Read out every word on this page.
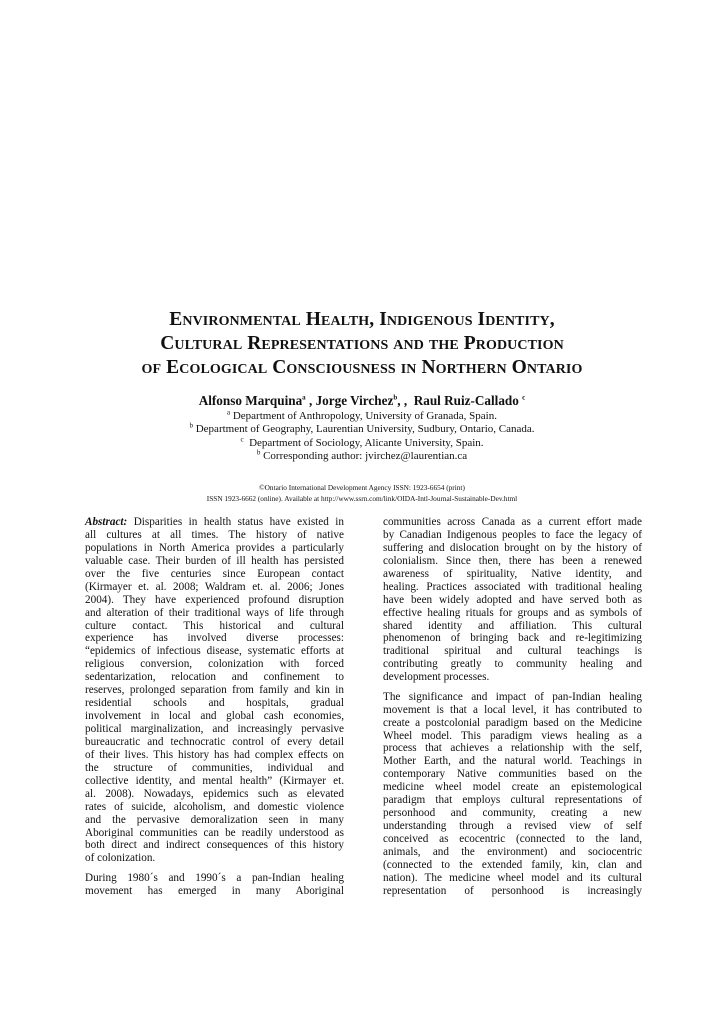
Environmental Health, Indigenous Identity,
Cultural Representations and the Production
of Ecological Consciousness in Northern Ontario
Alfonso Marquina$^a$ , Jorge Virchez$^b$, ,  Raul Ruiz-Callado $^c$
$^a$ Department of Anthropology, University of Granada, Spain.
$^b$ Department of Geography, Laurentian University, Sudbury, Ontario, Canada.
$^c$  Department of Sociology, Alicante University, Spain.
$^b$ Corresponding author: jvirchez@laurentian.ca
©Ontario International Development Agency ISSN: 1923-6654 (print)
ISSN 1923-6662 (online). Available at http://www.ssrn.com/link/OIDA-Intl-Journal-Sustainable-Dev.html

Abstract: Disparities in health status have existed in
all cultures at all times. The history of native
populations in North America provides a particularly
valuable case. Their burden of ill health has persisted
over the five centuries since European contact
(Kirmayer et. al. 2008; Waldram et. al. 2006; Jones
2004). They have experienced profound disruption
and alteration of their traditional ways of life through
culture contact. This historical and cultural
experience has involved diverse processes:
“epidemics of infectious disease, systematic efforts at
religious conversion, colonization with forced
sedentarization, relocation and confinement to
reserves, prolonged separation from family and kin in
residential schools and hospitals, gradual
involvement in local and global cash economies,
political marginalization, and increasingly pervasive
bureaucratic and technocratic control of every detail
of their lives. This history has had complex effects on
the structure of communities, individual and
collective identity, and mental health” (Kirmayer et.
al. 2008). Nowadays, epidemics such as elevated
rates of suicide, alcoholism, and domestic violence
and the pervasive demoralization seen in many
Aboriginal communities can be readily understood as
both direct and indirect consequences of this history
of colonization.

During 1980´s and 1990´s a pan-Indian healing
movement has emerged in many Aboriginal

communities across Canada as a current effort made
by Canadian Indigenous peoples to face the legacy of
suffering and dislocation brought on by the history of
colonialism. Since then, there has been a renewed
awareness of spirituality, Native identity, and
healing. Practices associated with traditional healing
have been widely adopted and have served both as
effective healing rituals for groups and as symbols of
shared identity and affiliation. This cultural
phenomenon of bringing back and re-legitimizing
traditional spiritual and cultural teachings is
contributing greatly to community healing and
development processes.

The significance and impact of pan-Indian healing
movement is that a local level, it has contributed to
create a postcolonial paradigm based on the Medicine
Wheel model. This paradigm views healing as a
process that achieves a relationship with the self,
Mother Earth, and the natural world. Teachings in
contemporary Native communities based on the
medicine wheel model create an epistemological
paradigm that employs cultural representations of
personhood and community, creating a new
understanding through a revised view of self
conceived as ecocentric (connected to the land,
animals, and the environment) and sociocentric
(connected to the extended family, kin, clan and
nation). The medicine wheel model and its cultural
representation of personhood is increasingly
